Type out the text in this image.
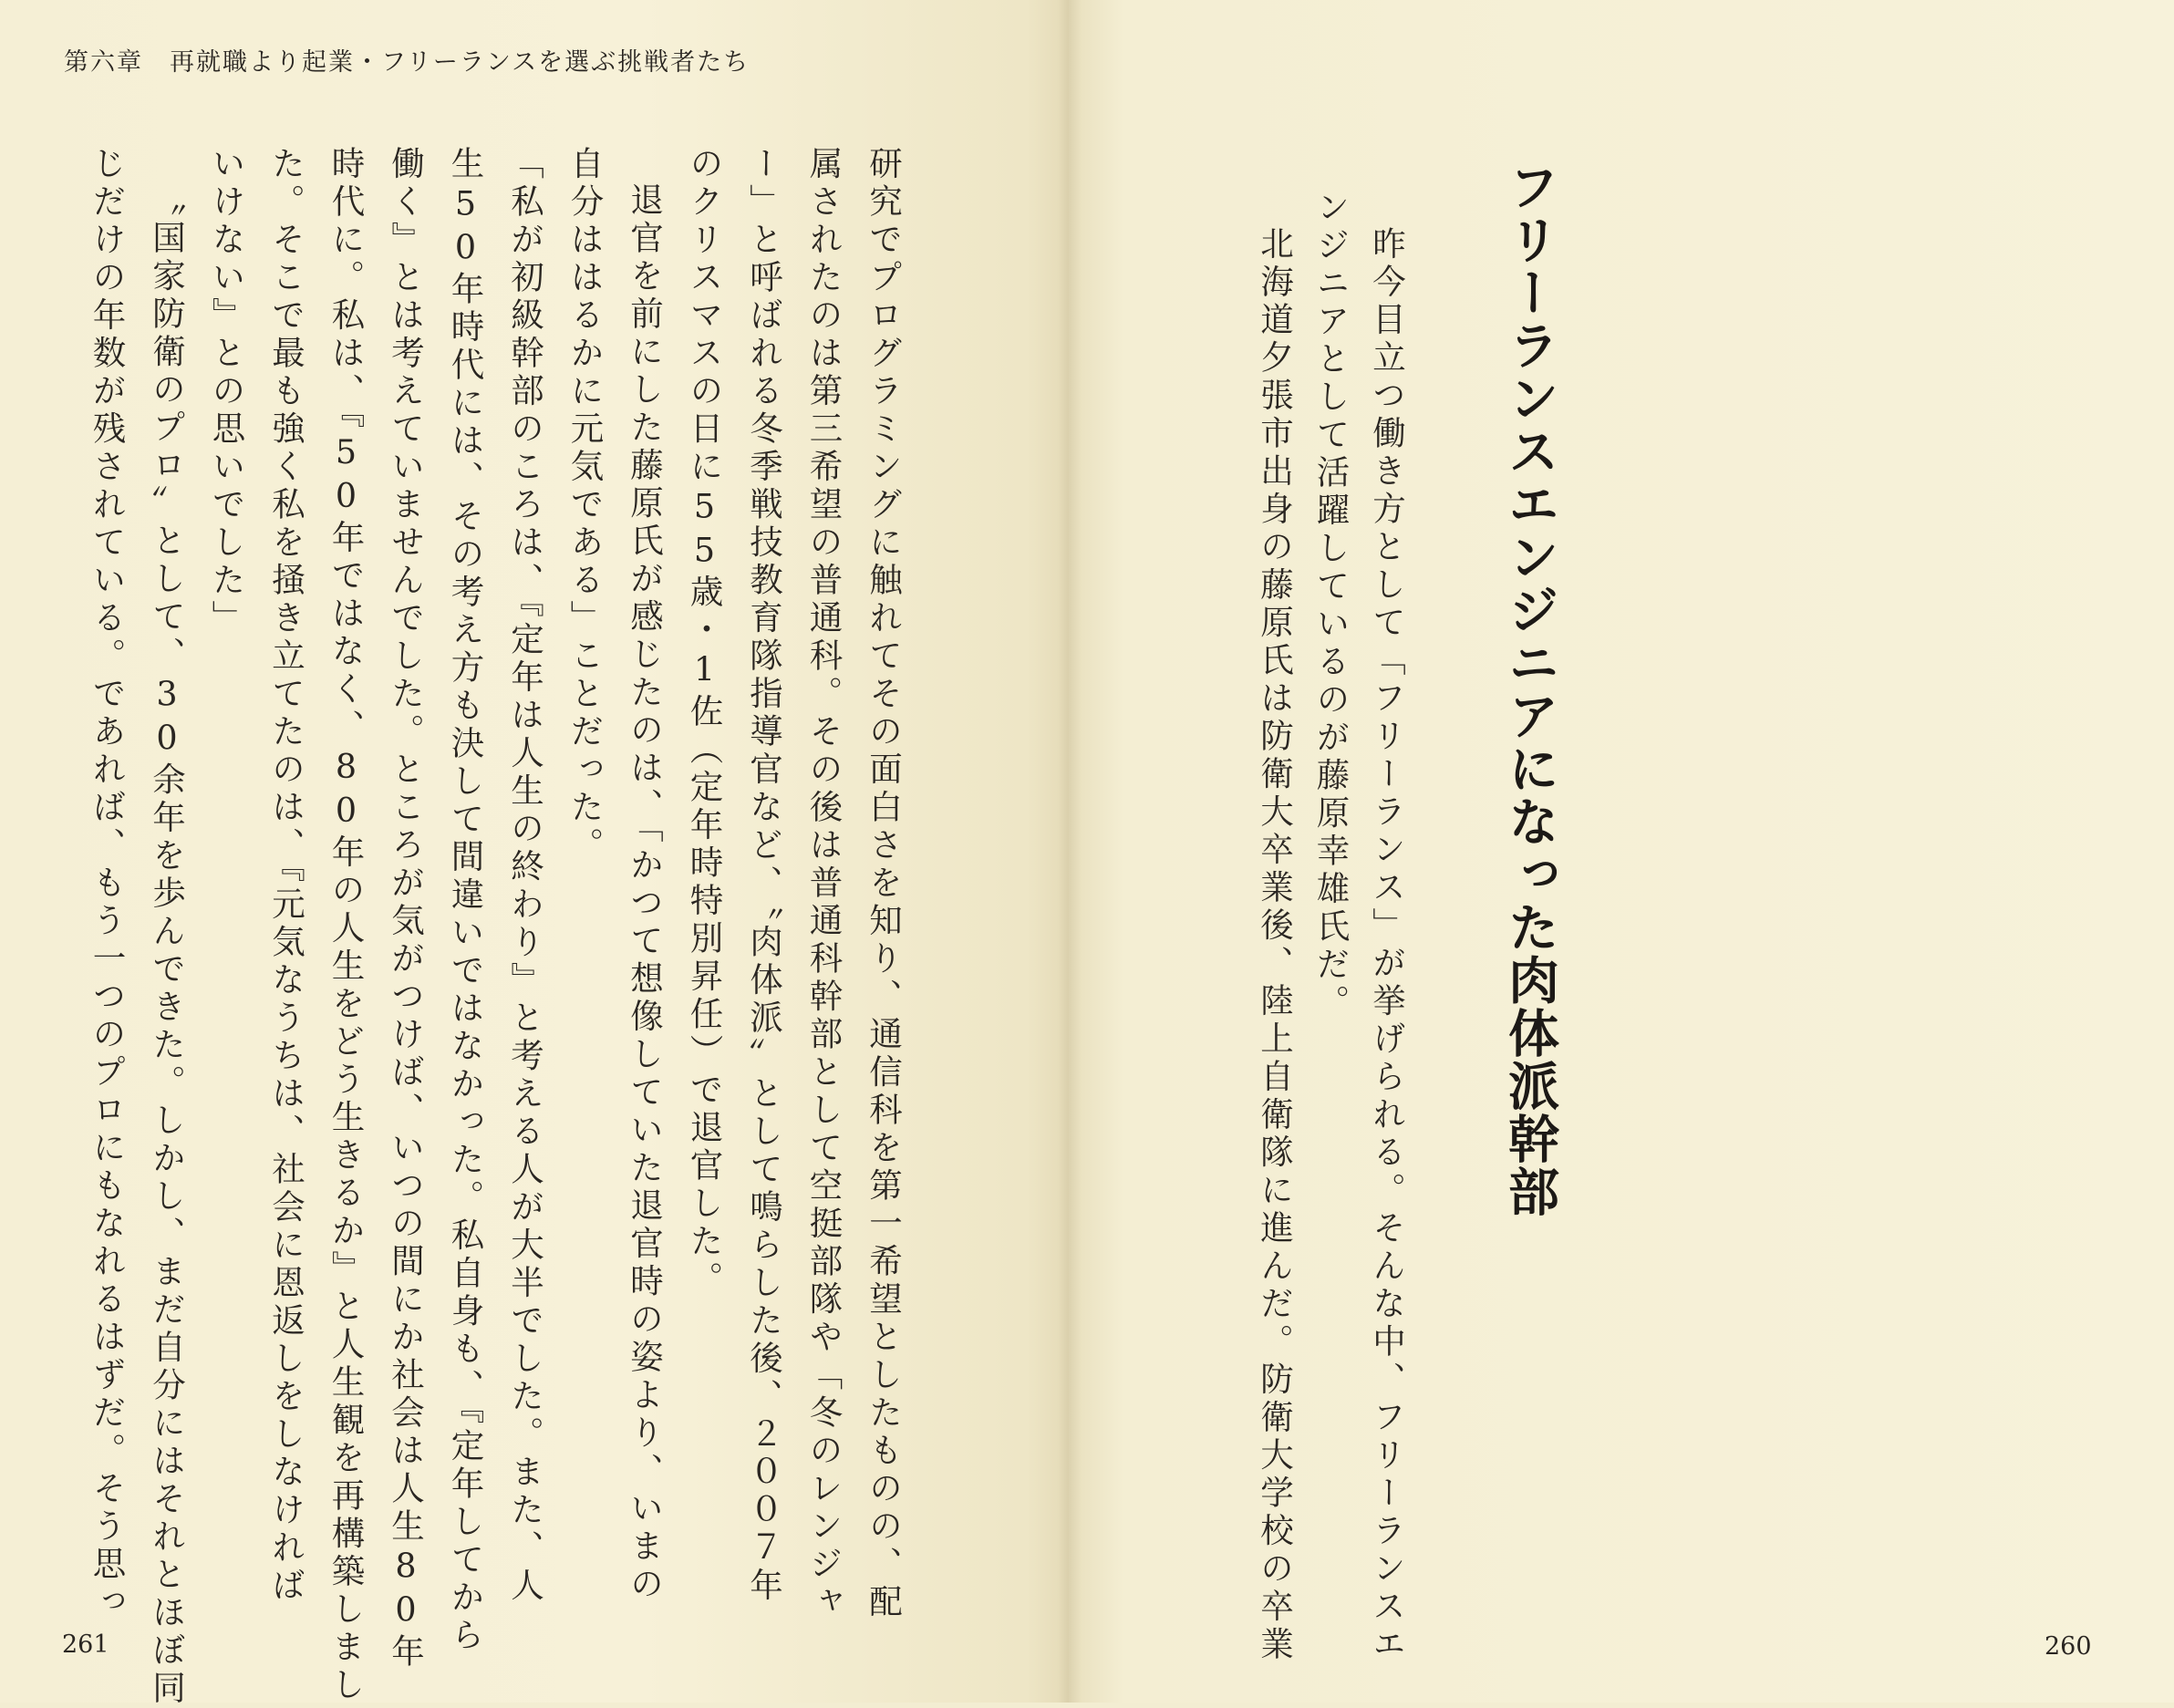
第六章　再就職より起業・フリーランスを選ぶ挑戦者たち
フリーランスエンジニアになった肉体派幹部
昨今目立つ働き方として「フリーランス」が挙げられる。そんな中、フリーランスエ
ンジニアとして活躍しているのが藤原幸雄氏だ。
北海道夕張市出身の藤原氏は防衛大卒業後、陸上自衛隊に進んだ。防衛大学校の卒業
研究でプログラミングに触れてその面白さを知り、通信科を第一希望としたものの、配
属されたのは第三希望の普通科。その後は普通科幹部として空挺部隊や「冬のレンジャ
ー」と呼ばれる冬季戦技教育隊指導官など、〝肉体派〟として鳴らした後、２００７年
のクリスマスの日に55歳・1佐（定年時特別昇任）で退官した。
退官を前にした藤原氏が感じたのは、「かつて想像していた退官時の姿より、いまの
自分ははるかに元気である」ことだった。
「私が初級幹部のころは、『定年は人生の終わり』と考える人が大半でした。また、人
生50年時代には、その考え方も決して間違いではなかった。私自身も、『定年してから
働く』とは考えていませんでした。ところが気がつけば、いつの間にか社会は人生80年
時代に。私は、『50年ではなく、80年の人生をどう生きるか』と人生観を再構築しまし
た。そこで最も強く私を掻き立てたのは、『元気なうちは、社会に恩返しをしなければ
いけない』との思いでした」
〝国家防衛のプロ〟として、30余年を歩んできた。しかし、まだ自分にはそれとほぼ同
じだけの年数が残されている。であれば、もう一つのプロにもなれるはずだ。そう思っ
261	260
